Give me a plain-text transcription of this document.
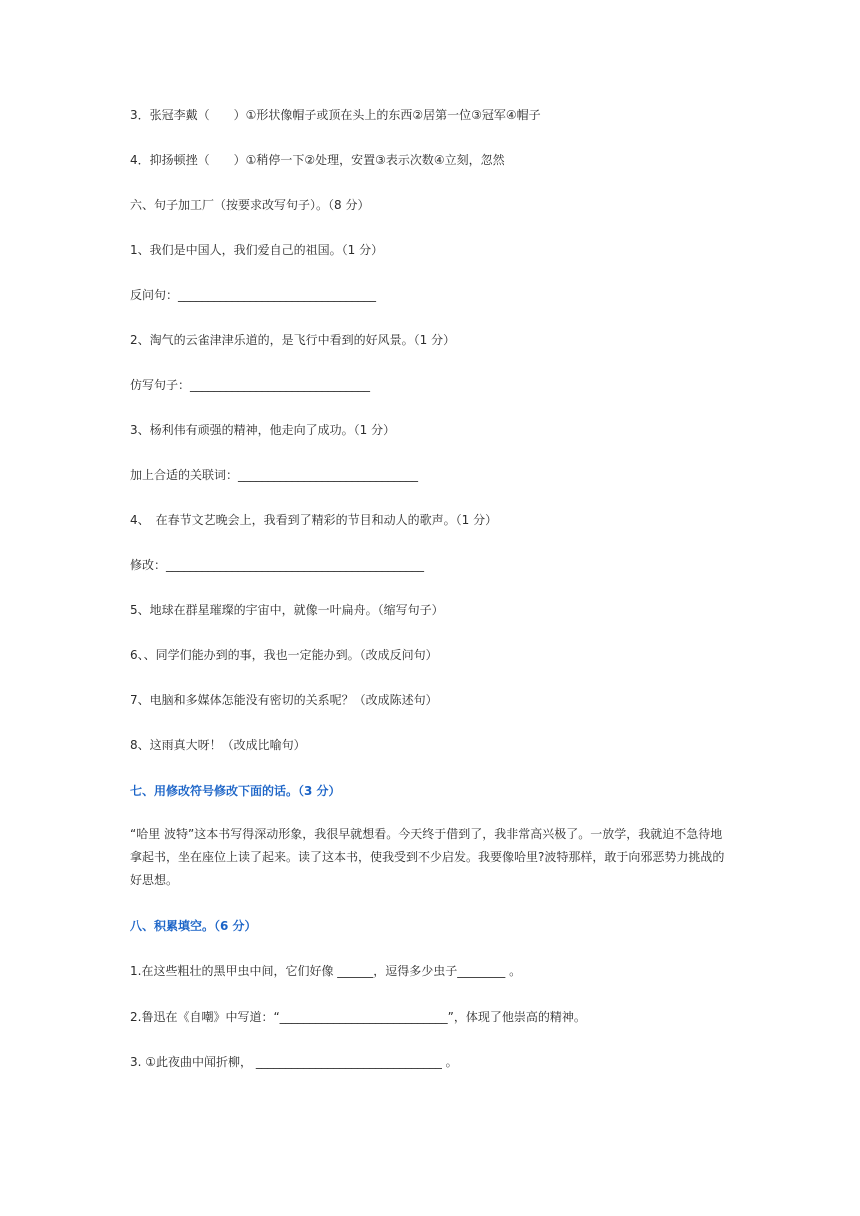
3．张冠李戴（　　）①形状像帽子或顶在头上的东西②居第一位③冠军④帽子
4．抑扬顿挫（　　）①稍停一下②处理，安置③表示次数④立刻，忽然
六、句子加工厂（按要求改写句子）。（8 分）
1、我们是中国人，我们爱自己的祖国。（1 分）
反问句：_________________________________
2、淘气的云雀津津乐道的，是飞行中看到的好风景。（1 分）
仿写句子：______________________________
3、杨利伟有顽强的精神，他走向了成功。（1 分）
加上合适的关联词：______________________________
4、　在春节文艺晚会上，我看到了精彩的节目和动人的歌声。（1 分）
修改：___________________________________________
5、地球在群星璀璨的宇宙中，就像一叶扁舟。（缩写句子）
6、、同学们能办到的事，我也一定能办到。（改成反问句）
7、电脑和多媒体怎能没有密切的关系呢？（改成陈述句）
8、这雨真大呀！（改成比喻句）
七、用修改符号修改下面的话。（3 分）
“哈里 波特”这本书写得深动形象，我很早就想看。今天终于借到了，我非常高兴极了。一放学，我就迫不急待地拿起书，坐在座位上读了起来。读了这本书，使我受到不少启发。我要像哈里?波特那样，敢于向邪恶势力挑战的好思想。
八、积累填空。（6 分）
1.在这些粗壮的黑甲虫中间，它们好像 ______，逗得多少虫子________ 。
2.鲁迅在《自嘲》中写道：“____________________________”，体现了他崇高的精神。
3. ①此夜曲中闻折柳， _______________________________ 。
